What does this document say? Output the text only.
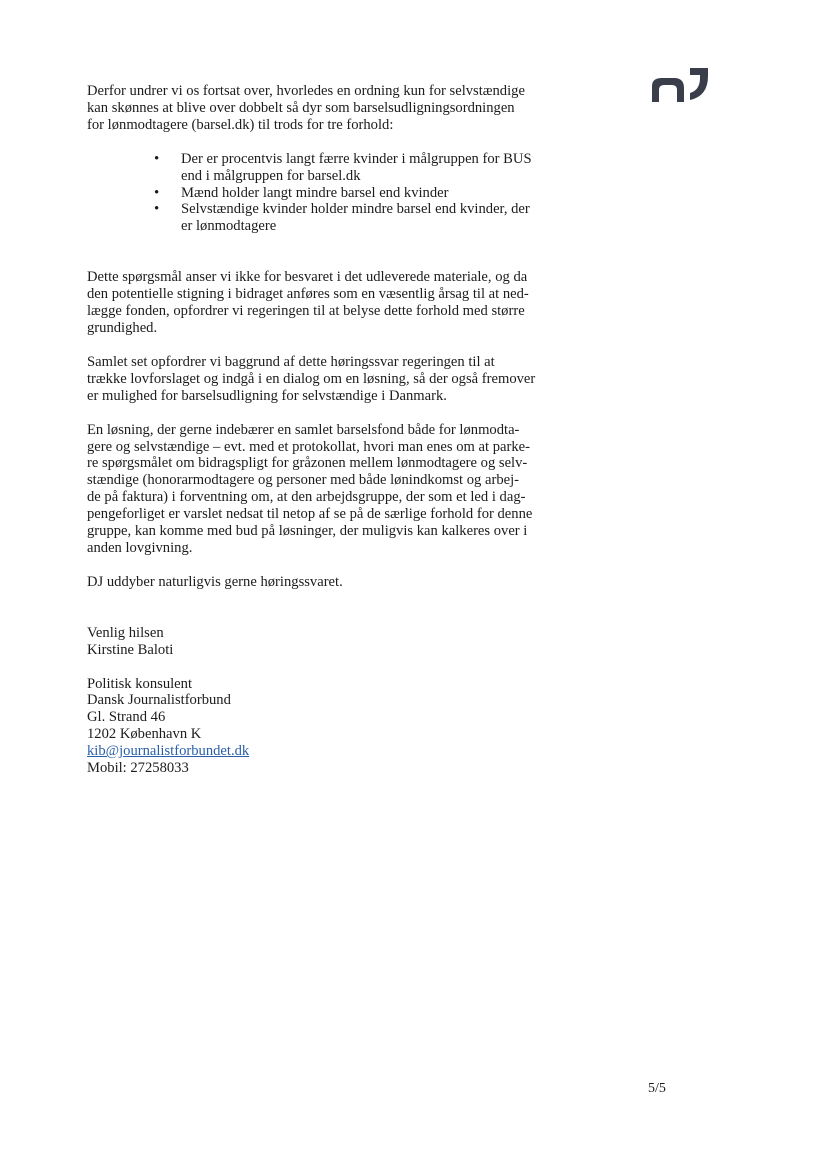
Derfor undrer vi os fortsat over, hvorledes en ordning kun for selvstændige
kan skønnes at blive over dobbelt så dyr som barselsudligningsordningen
for lønmodtagere (barsel.dk) til trods for tre forhold:

• Der er procentvis langt færre kvinder i målgruppen for BUS
end i målgruppen for barsel.dk
• Mænd holder langt mindre barsel end kvinder
• Selvstændige kvinder holder mindre barsel end kvinder, der
er lønmodtagere

Dette spørgsmål anser vi ikke for besvaret i det udleverede materiale, og da
den potentielle stigning i bidraget anføres som en væsentlig årsag til at ned-
lægge fonden, opfordrer vi regeringen til at belyse dette forhold med større
grundighed.

Samlet set opfordrer vi baggrund af dette høringssvar regeringen til at
trække lovforslaget og indgå i en dialog om en løsning, så der også fremover
er mulighed for barselsudligning for selvstændige i Danmark.

En løsning, der gerne indebærer en samlet barselsfond både for lønmodta-
gere og selvstændige – evt. med et protokollat, hvori man enes om at parke-
re spørgsmålet om bidragspligt for gråzonen mellem lønmodtagere og selv-
stændige (honorarmodtagere og personer med både lønindkomst og arbej-
de på faktura) i forventning om, at den arbejdsgruppe, der som et led i dag-
pengeforliget er varslet nedsat til netop af se på de særlige forhold for denne
gruppe, kan komme med bud på løsninger, der muligvis kan kalkeres over i
anden lovgivning.

DJ uddyber naturligvis gerne høringssvaret.

Venlig hilsen
Kirstine Baloti

Politisk konsulent
Dansk Journalistforbund
Gl. Strand 46
1202 København K
kib@journalistforbundet.dk
Mobil: 27258033

5/5
